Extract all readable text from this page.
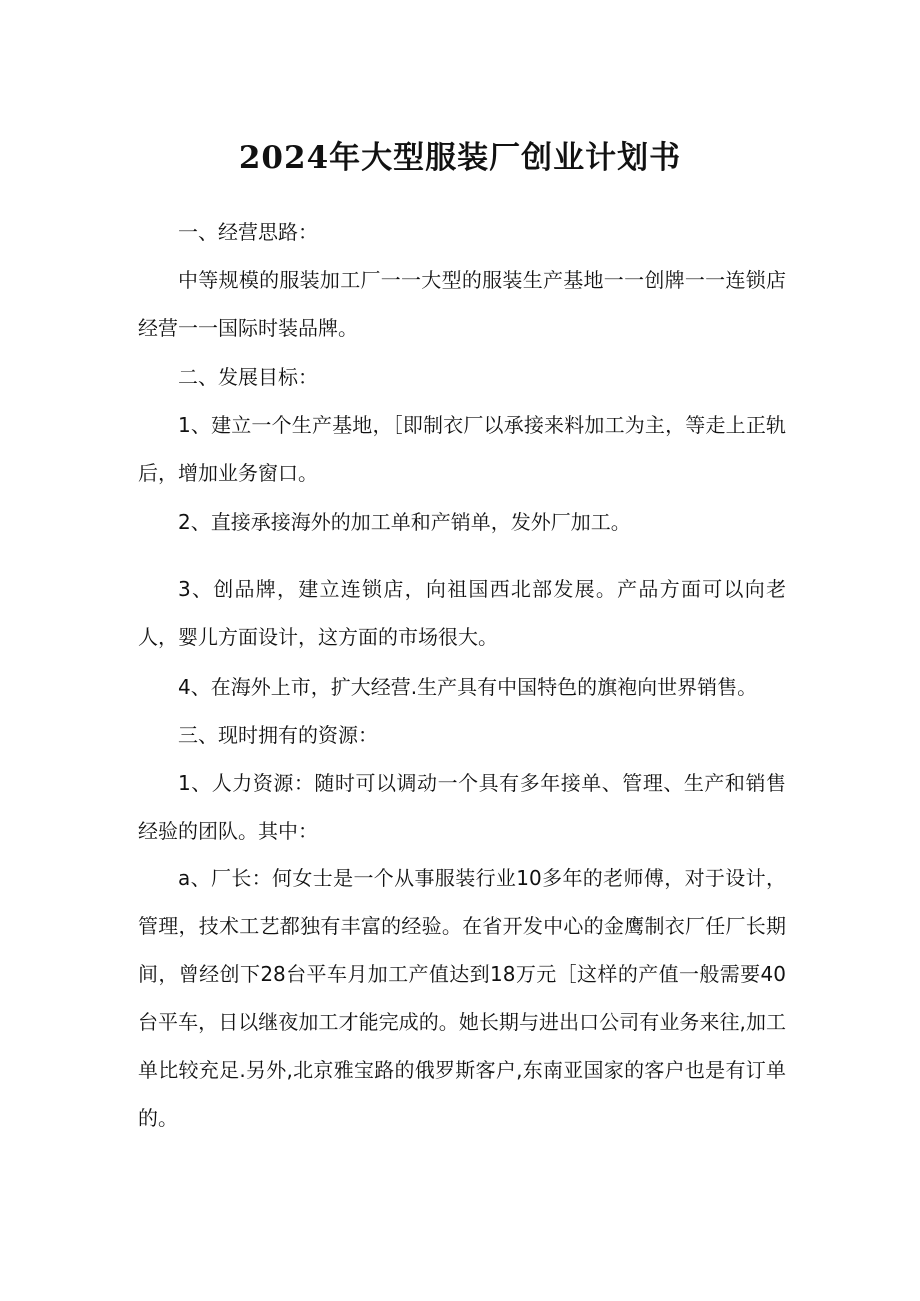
2024年大型服装厂创业计划书

一、经营思路：

中等规模的服装加工厂一一大型的服装生产基地一一创牌一一连锁店经营一一国际时装品牌。

二、发展目标：

1、建立一个生产基地，［即制衣厂以承接来料加工为主，等走上正轨后，增加业务窗口。

2、直接承接海外的加工单和产销单，发外厂加工。

3、创品牌，建立连锁店，向祖国西北部发展。产品方面可以向老人，婴儿方面设计，这方面的市场很大。

4、在海外上市，扩大经营.生产具有中国特色的旗袍向世界销售。

三、现时拥有的资源：

1、人力资源：随时可以调动一个具有多年接单、管理、生产和销售经验的团队。其中：

a、厂长：何女士是一个从事服装行业10多年的老师傅，对于设计，管理，技术工艺都独有丰富的经验。在省开发中心的金鹰制衣厂任厂长期间，曾经创下28台平车月加工产值达到18万元［这样的产值一般需要40台平车，日以继夜加工才能完成的。她长期与进出口公司有业务来往,加工单比较充足.另外,北京雅宝路的俄罗斯客户,东南亚国家的客户也是有订单的。
